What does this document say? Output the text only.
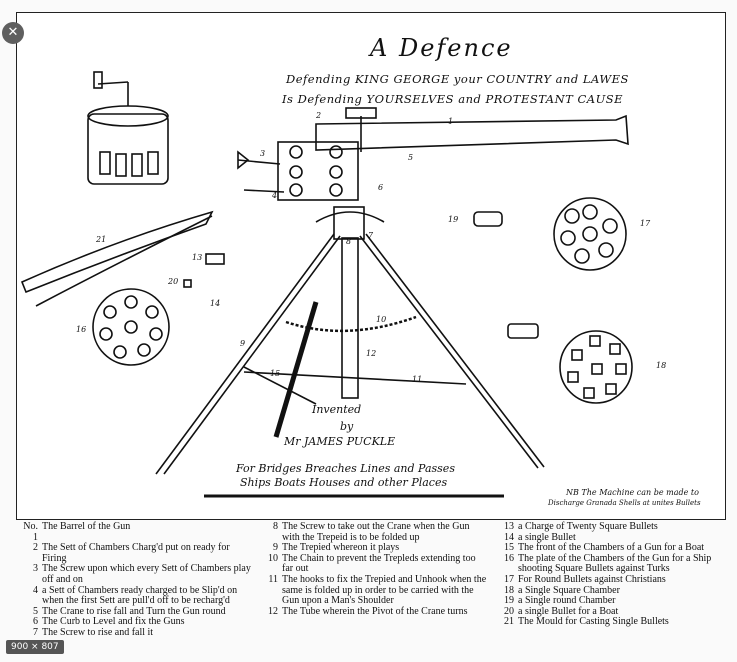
1
2
3
4
5
6
7
8
9
10
11
12
13
14
15
16
17
18
19
20
21
A Defence
Defending KING GEORGE your COUNTRY and LAWES
Is Defending YOURSELVES and PROTESTANT CAUSE
Invented
by
Mr JAMES PUCKLE
For Bridges Breaches Lines and Passes
Ships Boats Houses and other Places
NB The Machine can be made to
Discharge Granada Shells at unites Bullets
No. 1
The Barrel of the Gun
2 The Sett of Chambers Charg'd put on ready for Firing
3 The Screw upon which every Sett of Chambers play off and on
4 a Sett of Chambers ready charged to be Slip'd on when the first Sett are pull'd off to be recharg'd
5 The Crane to rise fall and Turn the Gun round
6 The Curb to Level and fix the Guns
7 The Screw to rise and fall it
8 The Screw to take out the Crane when the Gun with the Trepeid is to be folded up
9 The Trepied whereon it plays
10 The Chain to prevent the Trepleds extending too far out
11 The hooks to fix the Trepied and Unhook when the same is folded up in order to be carried with the Gun upon a Man's Shoulder
12 The Tube wherein the Pivot of the Crane turns
13 a Charge of Twenty Square Bullets
14 a single Bullet
15 The front of the Chambers of a Gun for a Boat
16 The plate of the Chambers of the Gun for a Ship shooting Square Bullets against Turks
17 For Round Bullets against Christians
18 a Single Square Chamber
19 a Single round Chamber
20 a single Bullet for a Boat
21 The Mould for Casting Single Bullets
✕
900 × 807
